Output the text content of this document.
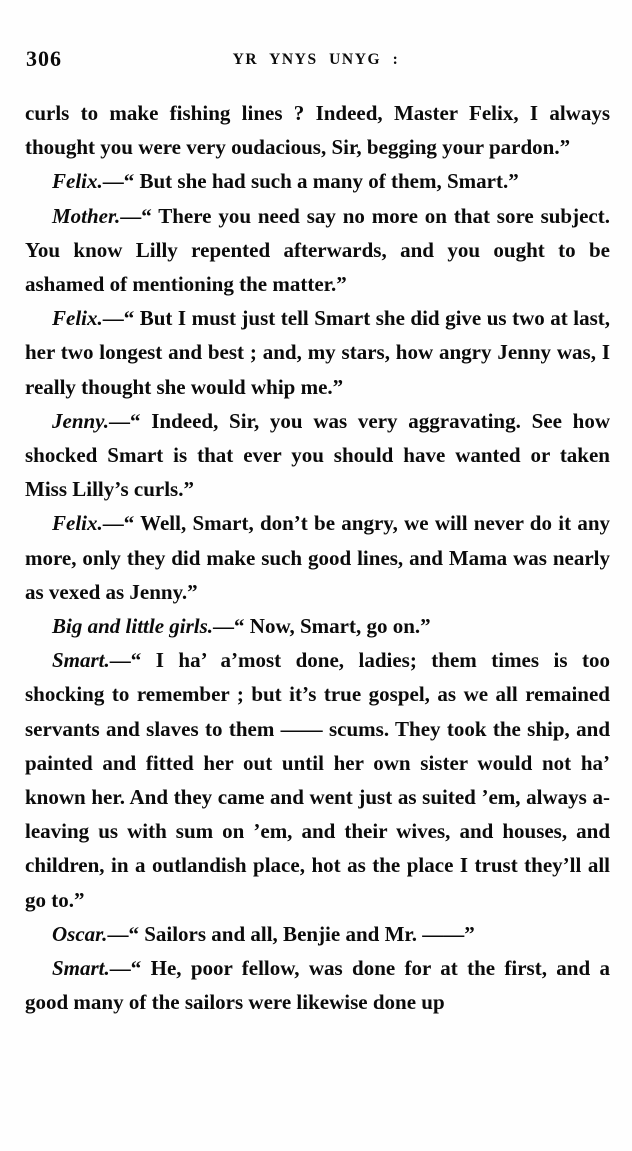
306	YR YNYS UNYG :

curls to make fishing lines ? Indeed, Master Felix, I always thought you were very oudacious, Sir, begging your pardon.”

Felix.—“ But she had such a many of them, Smart.”

Mother.—“ There you need say no more on that sore subject. You know Lilly repented afterwards, and you ought to be ashamed of mentioning the matter.”

Felix.—“ But I must just tell Smart she did give us two at last, her two longest and best ; and, my stars, how angry Jenny was, I really thought she would whip me.”

Jenny.—“ Indeed, Sir, you was very aggravating. See how shocked Smart is that ever you should have wanted or taken Miss Lilly’s curls.”

Felix.—“ Well, Smart, don’t be angry, we will never do it any more, only they did make such good lines, and Mama was nearly as vexed as Jenny.”

Big and little girls.—“ Now, Smart, go on.”

Smart.—“ I ha’ a’most done, ladies; them times is too shocking to remember ; but it’s true gospel, as we all remained servants and slaves to them —— scums. They took the ship, and painted and fitted her out until her own sister would not ha’ known her. And they came and went just as suited ’em, always a-leaving us with sum on ’em, and their wives, and houses, and children, in a outlandish place, hot as the place I trust they’ll all go to.”

Oscar.—“ Sailors and all, Benjie and Mr. ——”

Smart.—“ He, poor fellow, was done for at the first, and a good many of the sailors were likewise done up
